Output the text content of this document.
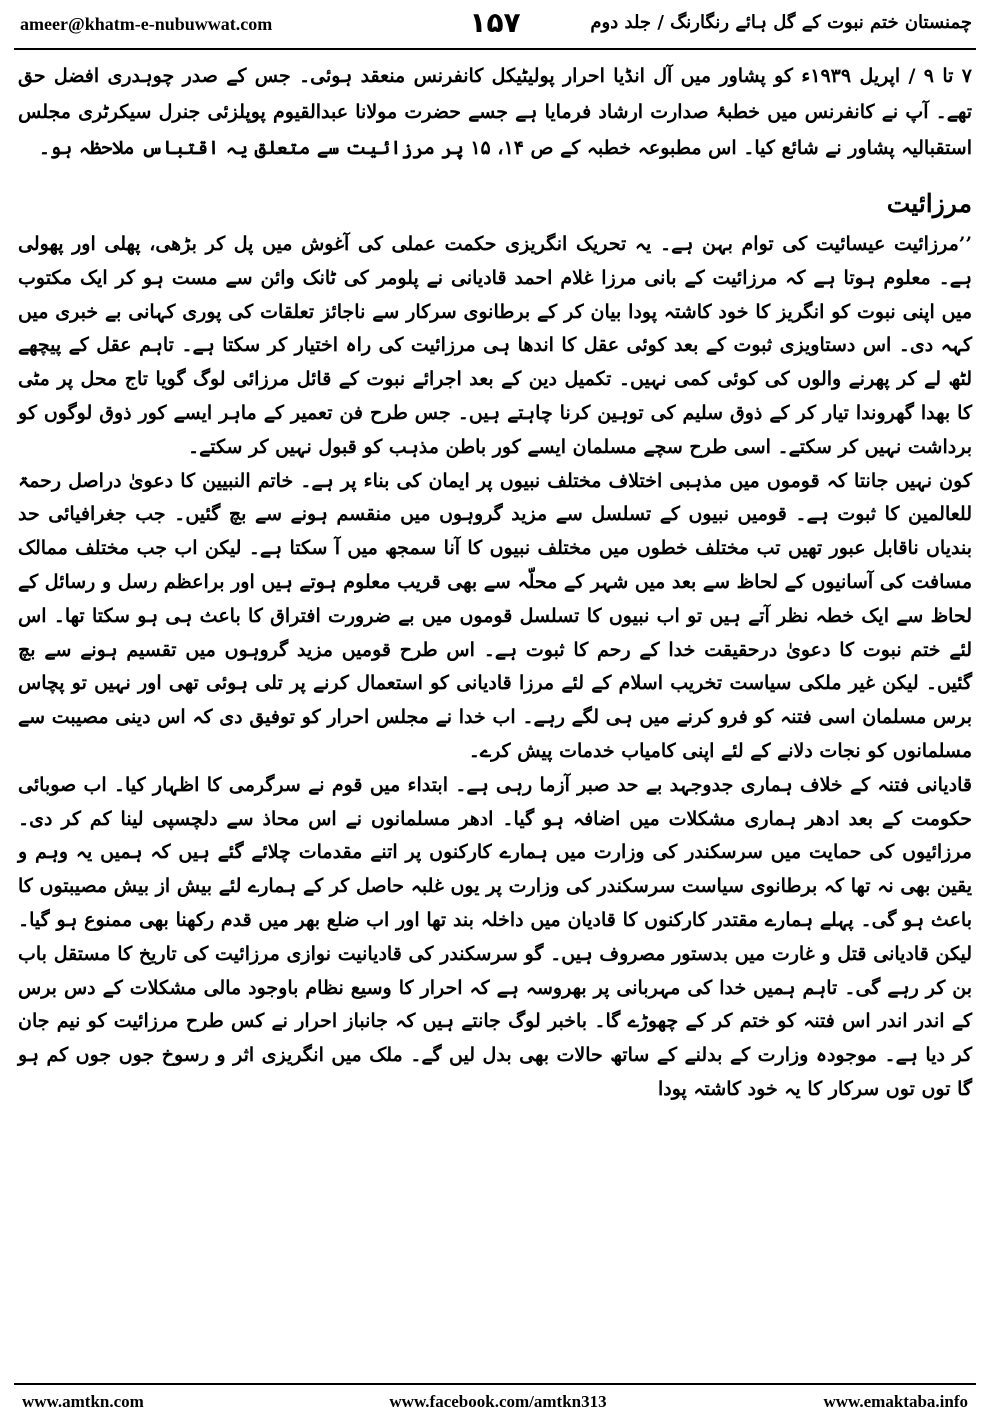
ameer@khatm-e-nubuwwat.com	۱۵۷	چمنستان ختم نبوت کے گل ہائے رنگارنگ / جلد دوم

۷ تا ۹ / اپریل ۱۹۳۹ء کو پشاور میں آل انڈیا احرار پولیٹیکل کانفرنس منعقد ہوئی۔ جس کے صدر چوہدری افضل حق تھے۔ آپ نے کانفرنس میں خطبۂ صدارت ارشاد فرمایا ہے جسے حضرت مولانا عبدالقیوم پوپلزئی جنرل سیکرٹری مجلس استقبالیہ پشاور نے شائع کیا۔ اس مطبوعہ خطبہ کے ص ۱۴، ۱۵ پر مرزائیت سے متعلق یہ اقتباس ملاحظہ ہو۔

مرزائیت

’’مرزائیت عیسائیت کی توام بہن ہے۔ یہ تحریک انگریزی حکمت عملی کی آغوش میں پل کر بڑھی، پھلی اور پھولی ہے۔ معلوم ہوتا ہے کہ مرزائیت کے بانی مرزا غلام احمد قادیانی نے پلومر کی ٹانک وائن سے مست ہو کر ایک مکتوب میں اپنی نبوت کو انگریز کا خود کاشتہ پودا بیان کر کے برطانوی سرکار سے ناجائز تعلقات کی پوری کہانی بے خبری میں کہہ دی۔ اس دستاویزی ثبوت کے بعد کوئی عقل کا اندھا ہی مرزائیت کی راہ اختیار کر سکتا ہے۔ تاہم عقل کے پیچھے لٹھ لے کر پھرنے والوں کی کوئی کمی نہیں۔ تکمیل دین کے بعد اجرائے نبوت کے قائل مرزائی لوگ گویا تاج محل پر مٹی کا بھدا گھروندا تیار کر کے ذوق سلیم کی توہین کرنا چاہتے ہیں۔ جس طرح فن تعمیر کے ماہر ایسے کور ذوق لوگوں کو برداشت نہیں کر سکتے۔ اسی طرح سچے مسلمان ایسے کور باطن مذہب کو قبول نہیں کر سکتے۔

کون نہیں جانتا کہ قوموں میں مذہبی اختلاف مختلف نبیوں پر ایمان کی بناء پر ہے۔ خاتم النبیین کا دعویٰ دراصل رحمۃ للعالمین کا ثبوت ہے۔ قومیں نبیوں کے تسلسل سے مزید گروہوں میں منقسم ہونے سے بچ گئیں۔ جب جغرافیائی حد بندیاں ناقابل عبور تھیں تب مختلف خطوں میں مختلف نبیوں کا آنا سمجھ میں آ سکتا ہے۔ لیکن اب جب مختلف ممالک مسافت کی آسانیوں کے لحاظ سے بعد میں شہر کے محلّہ سے بھی قریب معلوم ہوتے ہیں اور براعظم رسل و رسائل کے لحاظ سے ایک خطہ نظر آتے ہیں تو اب نبیوں کا تسلسل قوموں میں بے ضرورت افتراق کا باعث ہی ہو سکتا تھا۔ اس لئے ختم نبوت کا دعویٰ درحقیقت خدا کے رحم کا ثبوت ہے۔ اس طرح قومیں مزید گروہوں میں تقسیم ہونے سے بچ گئیں۔ لیکن غیر ملکی سیاست تخریب اسلام کے لئے مرزا قادیانی کو استعمال کرنے پر تلی ہوئی تھی اور نہیں تو پچاس برس مسلمان اسی فتنہ کو فرو کرنے میں ہی لگے رہے۔ اب خدا نے مجلس احرار کو توفیق دی کہ اس دینی مصیبت سے مسلمانوں کو نجات دلانے کے لئے اپنی کامیاب خدمات پیش کرے۔

قادیانی فتنہ کے خلاف ہماری جدوجہد بے حد صبر آزما رہی ہے۔ ابتداء میں قوم نے سرگرمی کا اظہار کیا۔ اب صوبائی حکومت کے بعد ادھر ہماری مشکلات میں اضافہ ہو گیا۔ ادھر مسلمانوں نے اس محاذ سے دلچسپی لینا کم کر دی۔ مرزائیوں کی حمایت میں سرسکندر کی وزارت میں ہمارے کارکنوں پر اتنے مقدمات چلائے گئے ہیں کہ ہمیں یہ وہم و یقین بھی نہ تھا کہ برطانوی سیاست سرسکندر کی وزارت پر یوں غلبہ حاصل کر کے ہمارے لئے بیش از بیش مصیبتوں کا باعث ہو گی۔ پہلے ہمارے مقتدر کارکنوں کا قادیان میں داخلہ بند تھا اور اب ضلع بھر میں قدم رکھنا بھی ممنوع ہو گیا۔ لیکن قادیانی قتل و غارت میں بدستور مصروف ہیں۔ گو سرسکندر کی قادیانیت نوازی مرزائیت کی تاریخ کا مستقل باب بن کر رہے گی۔ تاہم ہمیں خدا کی مہربانی پر بھروسہ ہے کہ احرار کا وسیع نظام باوجود مالی مشکلات کے دس برس کے اندر اندر اس فتنہ کو ختم کر کے چھوڑے گا۔ باخبر لوگ جانتے ہیں کہ جانباز احرار نے کس طرح مرزائیت کو نیم جان کر دیا ہے۔ موجودہ وزارت کے بدلنے کے ساتھ حالات بھی بدل لیں گے۔ ملک میں انگریزی اثر و رسوخ جوں جوں کم ہو گا توں توں سرکار کا یہ خود کاشتہ پودا

www.amtkn.com	www.facebook.com/amtkn313	www.emaktaba.info
